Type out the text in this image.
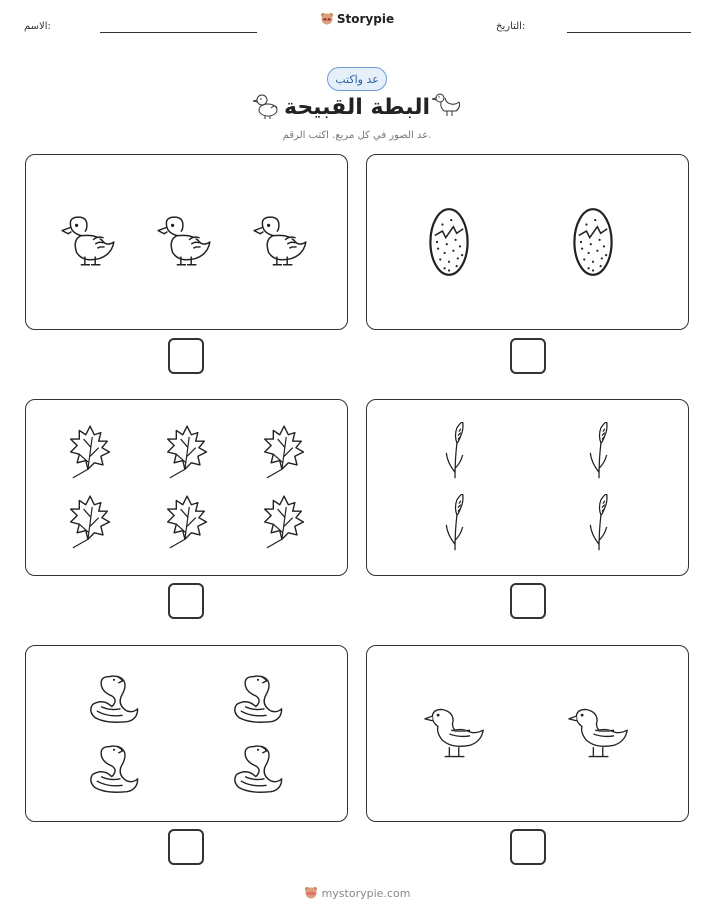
الاسم:
Storypie
التاريخ:
عد واكتب
البطة القبيحة
عد الصور في كل مربع. اكتب الرقم.
mystorypie.com
